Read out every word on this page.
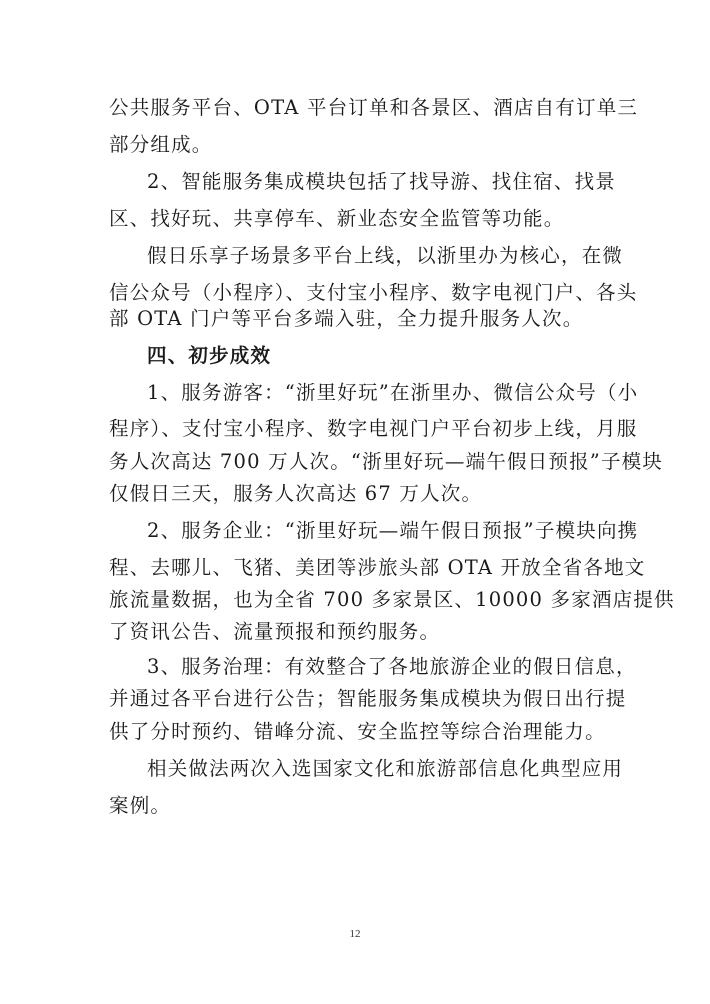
公共服务平台、OTA 平台订单和各景区、酒店自有订单三
部分组成。
2、智能服务集成模块包括了找导游、找住宿、找景
区、找好玩、共享停车、新业态安全监管等功能。
假日乐享子场景多平台上线，以浙里办为核心，在微
信公众号（小程序）、支付宝小程序、数字电视门户、各头
部 OTA 门户等平台多端入驻，全力提升服务人次。
四、初步成效
1、服务游客：“浙里好玩”在浙里办、微信公众号（小
程序）、支付宝小程序、数字电视门户平台初步上线，月服
务人次高达 700 万人次。“浙里好玩—端午假日预报”子模块
仅假日三天，服务人次高达 67 万人次。
2、服务企业：“浙里好玩—端午假日预报”子模块向携
程、去哪儿、飞猪、美团等涉旅头部 OTA 开放全省各地文
旅流量数据，也为全省 700 多家景区、10000 多家酒店提供
了资讯公告、流量预报和预约服务。
3、服务治理：有效整合了各地旅游企业的假日信息，
并通过各平台进行公告；智能服务集成模块为假日出行提
供了分时预约、错峰分流、安全监控等综合治理能力。
相关做法两次入选国家文化和旅游部信息化典型应用
案例。
12
